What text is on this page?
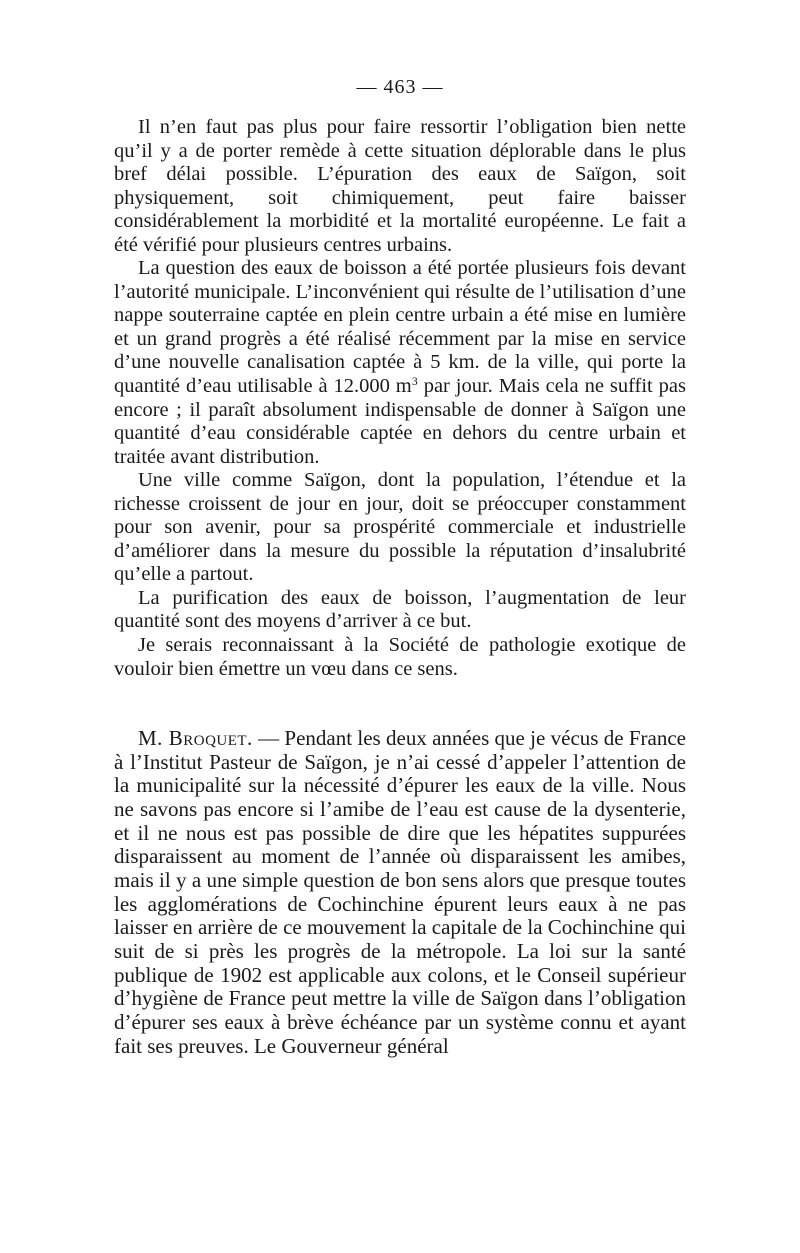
— 463 —

Il n’en faut pas plus pour faire ressortir l’obligation bien nette qu’il y a de porter remède à cette situation déplorable dans le plus bref délai possible. L’épuration des eaux de Saïgon, soit physiquement, soit chimiquement, peut faire baisser considérablement la morbidité et la mortalité européenne. Le fait a été vérifié pour plusieurs centres urbains.

La question des eaux de boisson a été portée plusieurs fois devant l’autorité municipale. L’inconvénient qui résulte de l’utilisation d’une nappe souterraine captée en plein centre urbain a été mise en lumière et un grand progrès a été réalisé récemment par la mise en service d’une nouvelle canalisation captée à 5 km. de la ville, qui porte la quantité d’eau utilisable à 12.000 $m^3$ par jour. Mais cela ne suffit pas encore ; il paraît absolument indispensable de donner à Saïgon une quantité d’eau considérable captée en dehors du centre urbain et traitée avant distribution.

Une ville comme Saïgon, dont la population, l’étendue et la richesse croissent de jour en jour, doit se préoccuper constamment pour son avenir, pour sa prospérité commerciale et industrielle d’améliorer dans la mesure du possible la réputation d’insalubrité qu’elle a partout.

La purification des eaux de boisson, l’augmentation de leur quantité sont des moyens d’arriver à ce but.

Je serais reconnaissant à la Société de pathologie exotique de vouloir bien émettre un vœu dans ce sens.

M. Broquet. — Pendant les deux années que je vécus de France à l’Institut Pasteur de Saïgon, je n’ai cessé d’appeler l’attention de la municipalité sur la nécessité d’épurer les eaux de la ville. Nous ne savons pas encore si l’amibe de l’eau est cause de la dysenterie, et il ne nous est pas possible de dire que les hépatites suppurées disparaissent au moment de l’année où disparaissent les amibes, mais il y a une simple question de bon sens alors que presque toutes les agglomérations de Cochinchine épurent leurs eaux à ne pas laisser en arrière de ce mouvement la capitale de la Cochinchine qui suit de si près les progrès de la métropole. La loi sur la santé publique de 1902 est applicable aux colons, et le Conseil supérieur d’hygiène de France peut mettre la ville de Saïgon dans l’obligation d’épurer ses eaux à brève échéance par un système connu et ayant fait ses preuves. Le Gouverneur général
